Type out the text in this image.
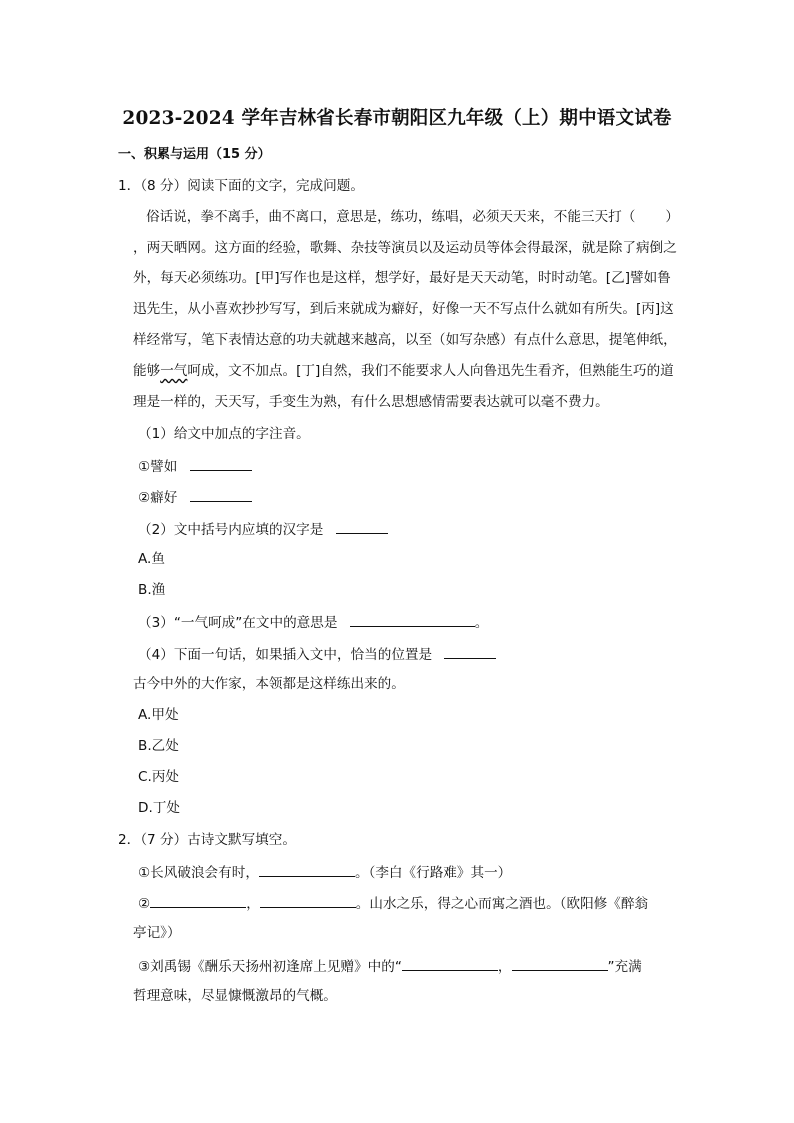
2023-2024 学年吉林省长春市朝阳区九年级（上）期中语文试卷
一、积累与运用（15 分）
1．（8 分）阅读下面的文字，完成问题。
俗话说，拳不离手，曲不离口，意思是，练功，练唱，必须天天来，不能三天打（ ）
，两天晒网。这方面的经验，歌舞、杂技等演员以及运动员等体会得最深，就是除了病倒之
外，每天必须练功。[甲]写作也是这样，想学好，最好是天天动笔，时时动笔。[乙]譬如鲁
迅先生，从小喜欢抄抄写写，到后来就成为癖好，好像一天不写点什么就如有所失。[丙]这
样经常写，笔下表情达意的功夫就越来越高，以至（如写杂感）有点什么意思，提笔伸纸，
能够一气呵成，文不加点。[丁]自然，我们不能要求人人向鲁迅先生看齐，但熟能生巧的道
理是一样的，天天写，手变生为熟，有什么思想感情需要表达就可以毫不费力。
（1）给文中加点的字注音。
①譬如
②癖好
（2）文中括号内应填的汉字是
A.鱼
B.渔
（3）“一气呵成”在文中的意思是	。
（4）下面一句话，如果插入文中，恰当的位置是
古今中外的大作家，本领都是这样练出来的。
A.甲处
B.乙处
C.丙处
D.丁处
2．（7 分）古诗文默写填空。
①长风破浪会有时，	。（李白《行路难》其一）
②	，	。山水之乐，得之心而寓之酒也。（欧阳修《醉翁
亭记》）
③刘禹锡《酬乐天扬州初逢席上见赠》中的“	，	”充满
哲理意味，尽显慷慨激昂的气概。
